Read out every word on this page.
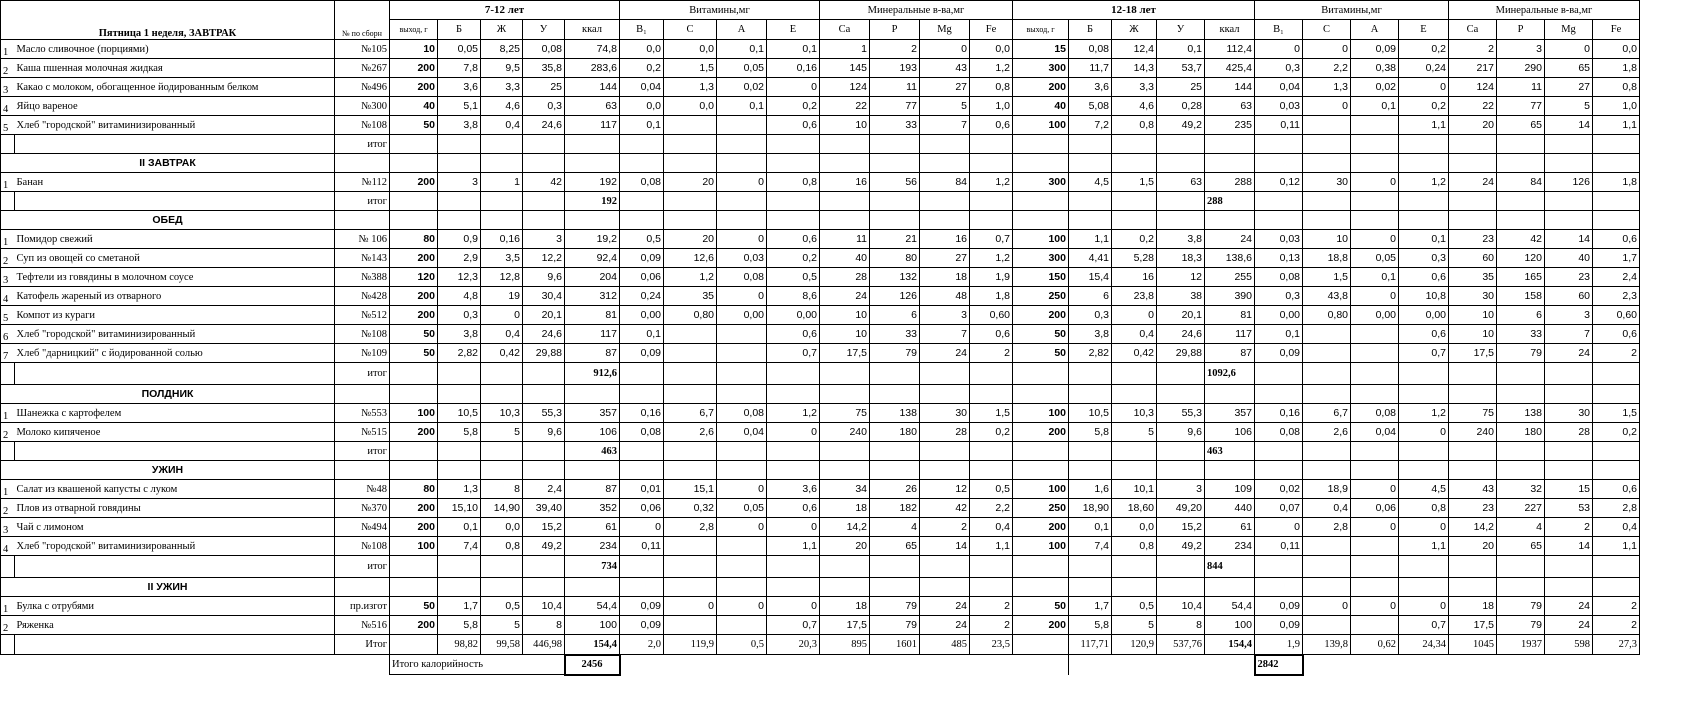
Пятница 1 неделя, ЗАВТРАК		№ по сборн	7-12 лет					Витамины,мг				Минеральные в-ва,мг				12-18 лет					Витамины,мг				Минеральные в-ва,мг			
			выход, г	Б	Ж	У	ккал	B₁	C	A	E	Ca	P	Mg	Fe	выход, г	Б	Ж	У	ккал	B₁	C	A	E	Ca	P	Mg	Fe
1	Масло сливочное (порциями)	№105	10	0,05	8,25	0,08	74,8	0,0	0,0	0,1	0,1	1	2	0	0,0	15	0,08	12,4	0,1	112,4	0	0	0,09	0,2	2	3	0	0,0
2	Каша пшенная молочная жидкая	№267	200	7,8	9,5	35,8	283,6	0,2	1,5	0,05	0,16	145	193	43	1,2	300	11,7	14,3	53,7	425,4	0,3	2,2	0,38	0,24	217	290	65	1,8
3	Какао с молоком, обогащенное йодированным белком	№496	200	3,6	3,3	25	144	0,04	1,3	0,02	0	124	11	27	0,8	200	3,6	3,3	25	144	0,04	1,3	0,02	0	124	11	27	0,8
4	Яйцо вареное	№300	40	5,1	4,6	0,3	63	0,0	0,0	0,1	0,2	22	77	5	1,0	40	5,08	4,6	0,28	63	0,03	0	0,1	0,2	22	77	5	1,0
5	Хлеб "городской" витаминизированный	№108	50	3,8	0,4	24,6	117	0,1			0,6	10	33	7	0,6	100	7,2	0,8	49,2	235	0,11			1,1	20	65	14	1,1
		итог																										
II ЗАВТРАК																												
1	Банан	№112	200	3	1	42	192	0,08	20	0	0,8	16	56	84	1,2	300	4,5	1,5	63	288	0,12	30	0	1,2	24	84	126	1,8
		итог					192													288								
ОБЕД																												
1	Помидор свежий	№ 106	80	0,9	0,16	3	19,2	0,5	20	0	0,6	11	21	16	0,7	100	1,1	0,2	3,8	24	0,03	10	0	0,1	23	42	14	0,6
2	Суп из овощей со сметаной	№143	200	2,9	3,5	12,2	92,4	0,09	12,6	0,03	0,2	40	80	27	1,2	300	4,41	5,28	18,3	138,6	0,13	18,8	0,05	0,3	60	120	40	1,7
3	Тефтели из говядины в молочном соусе	№388	120	12,3	12,8	9,6	204	0,06	1,2	0,08	0,5	28	132	18	1,9	150	15,4	16	12	255	0,08	1,5	0,1	0,6	35	165	23	2,4
4	Катофель жареный из отварного	№428	200	4,8	19	30,4	312	0,24	35	0	8,6	24	126	48	1,8	250	6	23,8	38	390	0,3	43,8	0	10,8	30	158	60	2,3
5	Компот из кураги	№512	200	0,3	0	20,1	81	0,00	0,80	0,00	0,00	10	6	3	0,60	200	0,3	0	20,1	81	0,00	0,80	0,00	0,00	10	6	3	0,60
6	Хлеб "городской" витаминизированный	№108	50	3,8	0,4	24,6	117	0,1			0,6	10	33	7	0,6	50	3,8	0,4	24,6	117	0,1			0,6	10	33	7	0,6
7	Хлеб "дарницкий" с йодированной солью	№109	50	2,82	0,42	29,88	87	0,09			0,7	17,5	79	24	2	50	2,82	0,42	29,88	87	0,09			0,7	17,5	79	24	2
		итог					912,6													1092,6								
ПОЛДНИК																												
1	Шанежка с картофелем	№553	100	10,5	10,3	55,3	357	0,16	6,7	0,08	1,2	75	138	30	1,5	100	10,5	10,3	55,3	357	0,16	6,7	0,08	1,2	75	138	30	1,5
2	Молоко кипяченое	№515	200	5,8	5	9,6	106	0,08	2,6	0,04	0	240	180	28	0,2	200	5,8	5	9,6	106	0,08	2,6	0,04	0	240	180	28	0,2
		итог					463													463								
УЖИН																												
1	Салат из квашеной капусты с луком	№48	80	1,3	8	2,4	87	0,01	15,1	0	3,6	34	26	12	0,5	100	1,6	10,1	3	109	0,02	18,9	0	4,5	43	32	15	0,6
2	Плов из отварной говядины	№370	200	15,10	14,90	39,40	352	0,06	0,32	0,05	0,6	18	182	42	2,2	250	18,90	18,60	49,20	440	0,07	0,4	0,06	0,8	23	227	53	2,8
3	Чай с лимоном	№494	200	0,1	0,0	15,2	61	0	2,8	0	0	14,2	4	2	0,4	200	0,1	0,0	15,2	61	0	2,8	0	0	14,2	4	2	0,4
4	Хлеб "городской" витаминизированный	№108	100	7,4	0,8	49,2	234	0,11			1,1	20	65	14	1,1	100	7,4	0,8	49,2	234	0,11			1,1	20	65	14	1,1
		итог					734													844								
II УЖИН																												
1	Булка с отрубями	пр.изгот	50	1,7	0,5	10,4	54,4	0,09	0	0	0	18	79	24	2	50	1,7	0,5	10,4	54,4	0,09	0	0	0	18	79	24	2
2	Ряженка	№516	200	5,8	5	8	100	0,09			0,7	17,5	79	24	2	200	5,8	5	8	100	0,09			0,7	17,5	79	24	2
		Итог		98,82	99,58	446,98	154,4	2,0	119,9	0,5	20,3	895	1601	485	23,5		117,71	120,9	537,76	154,4	1,9	139,8	0,62	24,34	1045	1937	598	27,3
			Итого калорийность				2456														2842							
